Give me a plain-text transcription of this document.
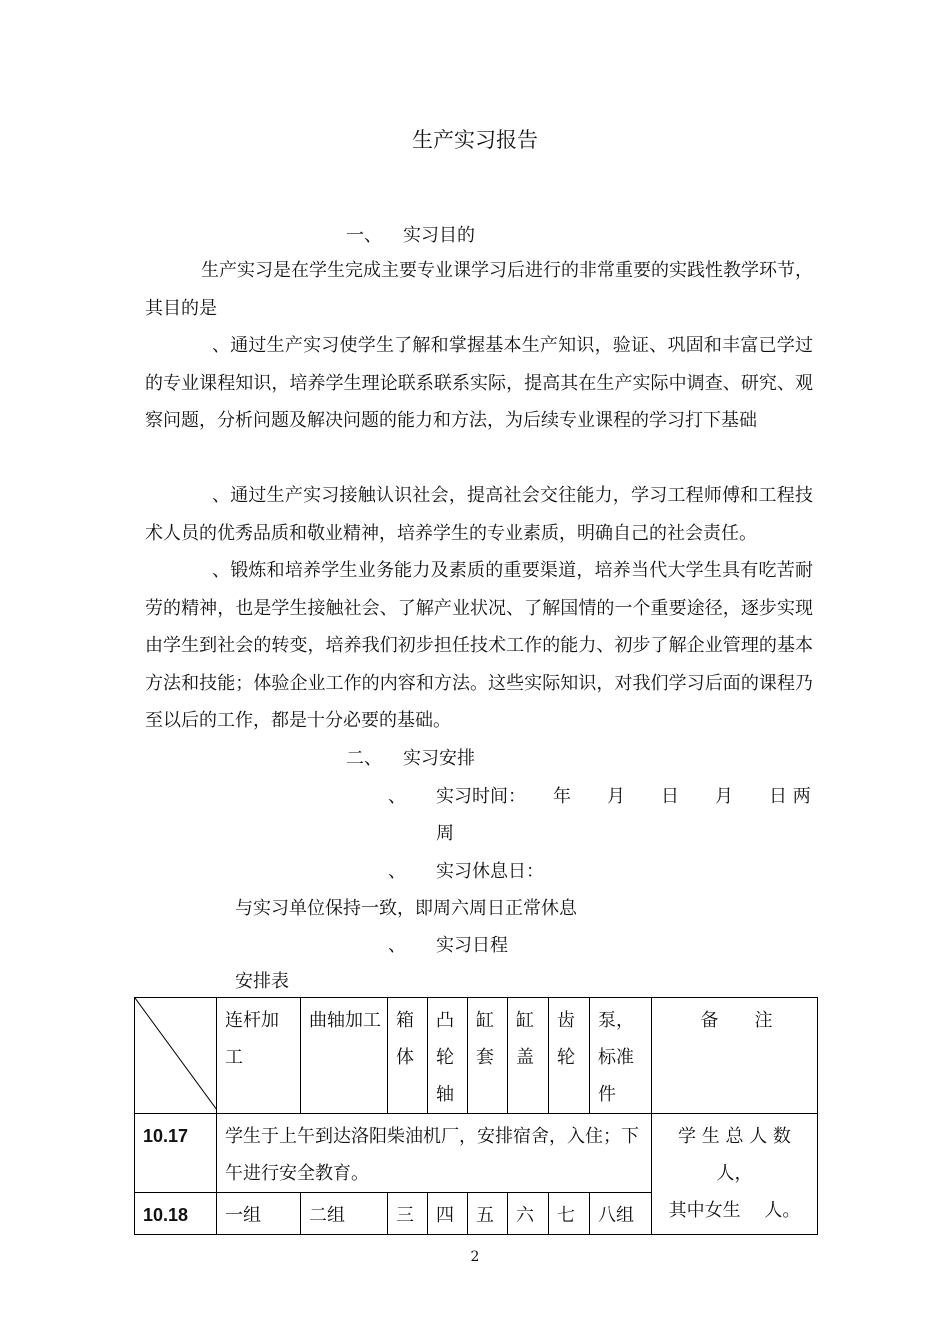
生产实习报告
一、 实习目的
生产实习是在学生完成主要专业课学习后进行的非常重要的实践性教学环节，其目的是
、通过生产实习使学生了解和掌握基本生产知识，验证、巩固和丰富已学过的专业课程知识，培养学生理论联系联系实际，提高其在生产实际中调查、研究、观察问题，分析问题及解决问题的能力和方法，为后续专业课程的学习打下基础
、通过生产实习接触认识社会，提高社会交往能力，学习工程师傅和工程技术人员的优秀品质和敬业精神，培养学生的专业素质，明确自己的社会责任。
、锻炼和培养学生业务能力及素质的重要渠道，培养当代大学生具有吃苦耐劳的精神，也是学生接触社会、了解产业状况、了解国情的一个重要途径，逐步实现由学生到社会的转变，培养我们初步担任技术工作的能力、初步了解企业管理的基本方法和技能；体验企业工作的内容和方法。这些实际知识，对我们学习后面的课程乃至以后的工作，都是十分必要的基础。
二、 实习安排
、 实习时间：　　年　　月　　日　　月　　日 两
周
、 实习休息日：
与实习单位保持一致，即周六周日正常休息
、 实习日程
安排表
	连杆加工	曲轴加工	箱体	凸轮轴	缸套	缸盖	齿轮	泵，标准件	备　　注
10.17	学生于上午到达洛阳柴油机厂，安排宿舍，入住；下午进行安全教育。								学 生 总 人 数　　人，
其中女生　 人。

10.18	一组	二组	三	四	五	六	七	八组	
2
